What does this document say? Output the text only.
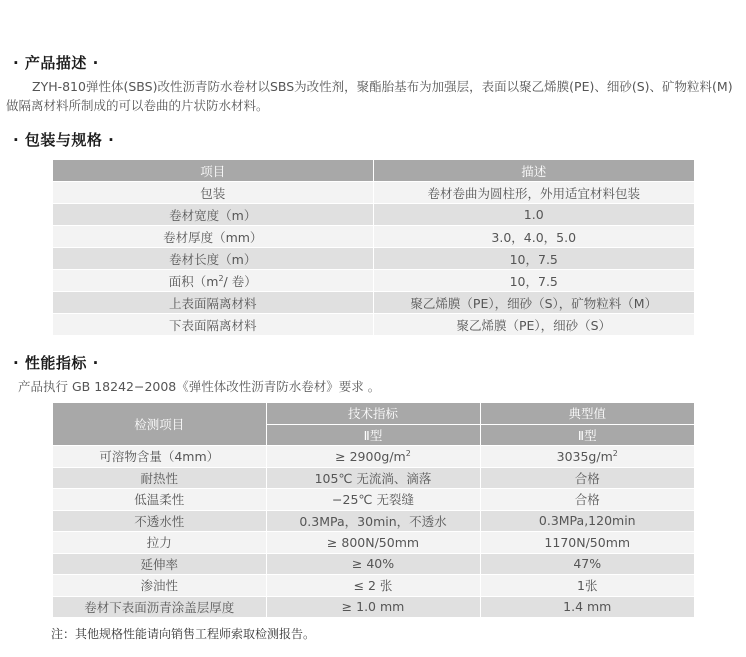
· 产品描述 ·

ZYH-810弹性体(SBS)改性沥青防水卷材以SBS为改性剂，聚酯胎基布为加强层，表面以聚乙烯膜(PE)、细砂(S)、矿物粒料(M)做隔离材料所制成的可以卷曲的片状防水材料。

· 包装与规格 ·
项目	描述
包装	卷材卷曲为圆柱形，外用适宜材料包装
卷材宽度（m）	1.0
卷材厚度（mm）	3.0，4.0，5.0
卷材长度（m）	10，7.5
面积（$m^2/$ 卷）	10，7.5
上表面隔离材料	聚乙烯膜（PE），细砂（S），矿物粒料（M）
下表面隔离材料	聚乙烯膜（PE），细砂（S）
· 性能指标 ·

产品执行 GB 18242−2008《弹性体改性沥青防水卷材》要求 。

检测项目	技术指标	典型值
	Ⅱ型	Ⅱ型
可溶物含量（4mm）	≥ $2900g/m^2$	$3035g/m^2$
耐热性	105℃ 无流淌、滴落	合格
低温柔性	−25℃ 无裂缝	合格
不透水性	0.3MPa，30min，不透水	0.3MPa,120min
拉力	≥ 800N/50mm	1170N/50mm
延伸率	≥ 40%	47%
渗油性	≤ 2 张	1张
卷材下表面沥青涂盖层厚度	≥ 1.0 mm	1.4 mm

注：其他规格性能请向销售工程师索取检测报告。
